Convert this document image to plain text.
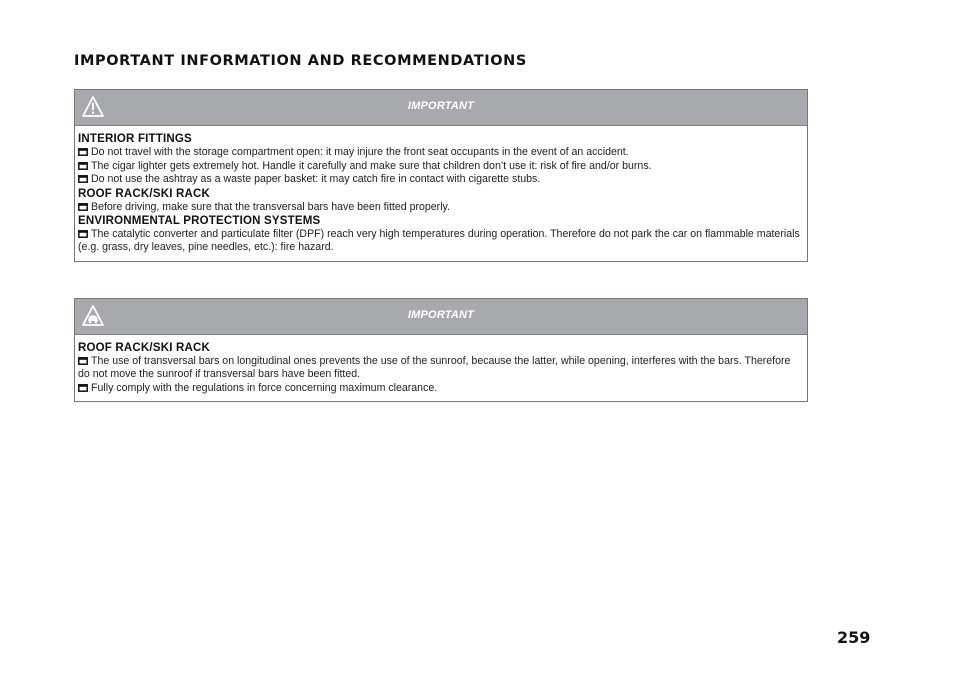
IMPORTANT INFORMATION AND RECOMMENDATIONS
IMPORTANT
INTERIOR FITTINGS
Do not travel with the storage compartment open: it may injure the front seat occupants in the event of an accident.
The cigar lighter gets extremely hot. Handle it carefully and make sure that children don’t use it: risk of fire and/or burns.
Do not use the ashtray as a waste paper basket: it may catch fire in contact with cigarette stubs.
ROOF RACK/SKI RACK
Before driving, make sure that the transversal bars have been fitted properly.
ENVIRONMENTAL PROTECTION SYSTEMS
The catalytic converter and particulate filter (DPF) reach very high temperatures during operation. Therefore do not park the car on flammable materials (e.g. grass, dry leaves, pine needles, etc.): fire hazard.
IMPORTANT
ROOF RACK/SKI RACK
The use of transversal bars on longitudinal ones prevents the use of the sunroof, because the latter, while opening, interferes with the bars. Therefore do not move the sunroof if transversal bars have been fitted.
Fully comply with the regulations in force concerning maximum clearance.
259
